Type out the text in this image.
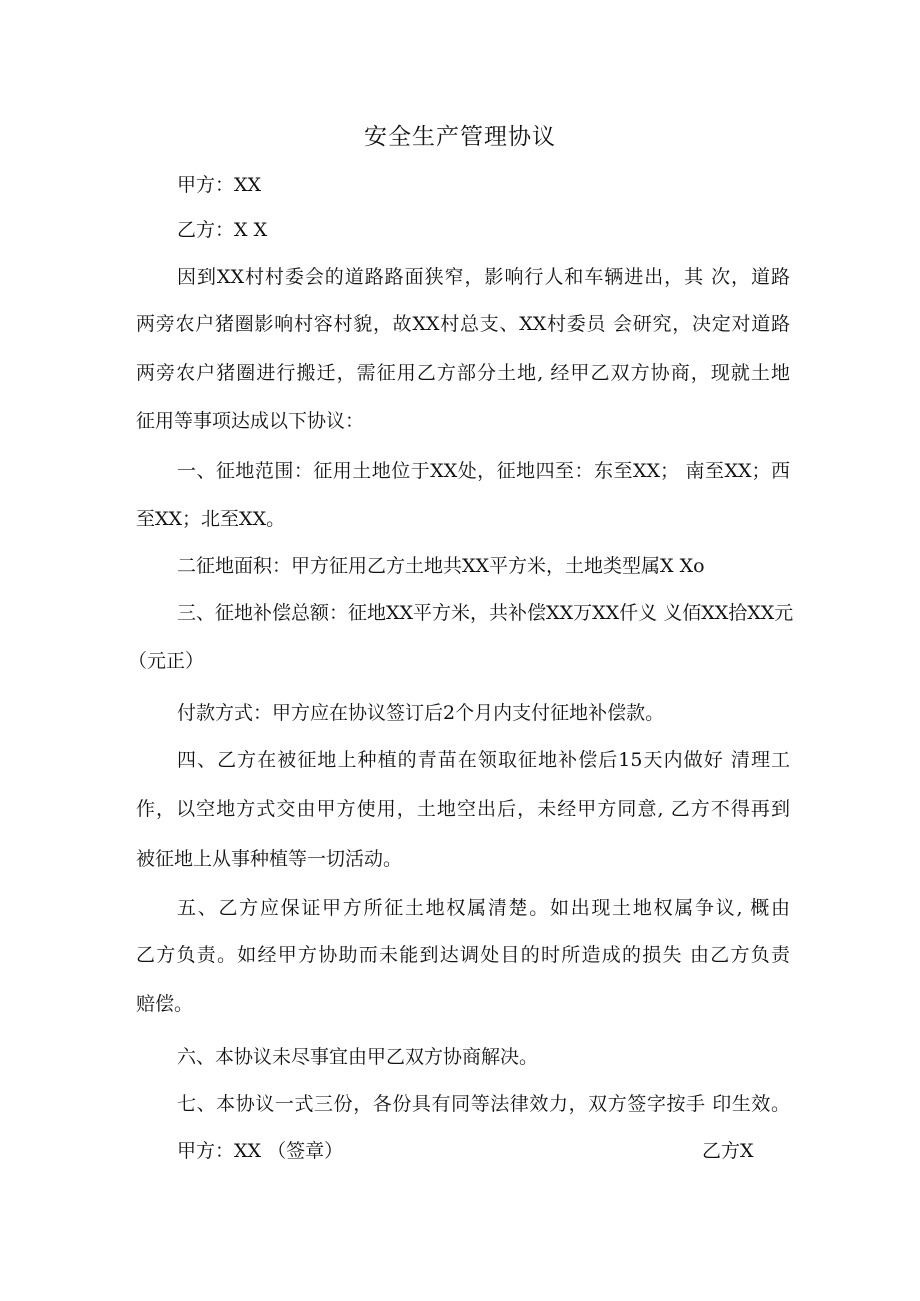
安全生产管理协议
甲方：XX
乙方：X X
因到XX村村委会的道路路面狭窄，影响行人和车辆进出，其 次，道路
两旁农户猪圈影响村容村貌，故XX村总支、XX村委员 会研究，决定对道路
两旁农户猪圈进行搬迁，需征用乙方部分土地, 经甲乙双方协商，现就土地
征用等事项达成以下协议：
一、征地范围：征用土地位于XX处，征地四至：东至XX； 南至XX；西
至XX；北至XX。
二征地面积：甲方征用乙方土地共XX平方米，土地类型属X Xo
三、征地补偿总额：征地XX平方米，共补偿XX万XX仟义 义佰XX拾XX元
（元正）
付款方式：甲方应在协议签订后2个月内支付征地补偿款。
四、乙方在被征地上种植的青苗在领取征地补偿后15天内做好 清理工
作，以空地方式交由甲方使用，土地空出后，未经甲方同意, 乙方不得再到
被征地上从事种植等一切活动。
五、乙方应保证甲方所征土地权属清楚。如出现土地权属争议, 概由
乙方负责。如经甲方协助而未能到达调处目的时所造成的损失 由乙方负责
赔偿。
六、本协议未尽事宜由甲乙双方协商解决。
七、本协议一式三份，各份具有同等法律效力，双方签字按手 印生效。
甲方：XX （签章）	乙方X
